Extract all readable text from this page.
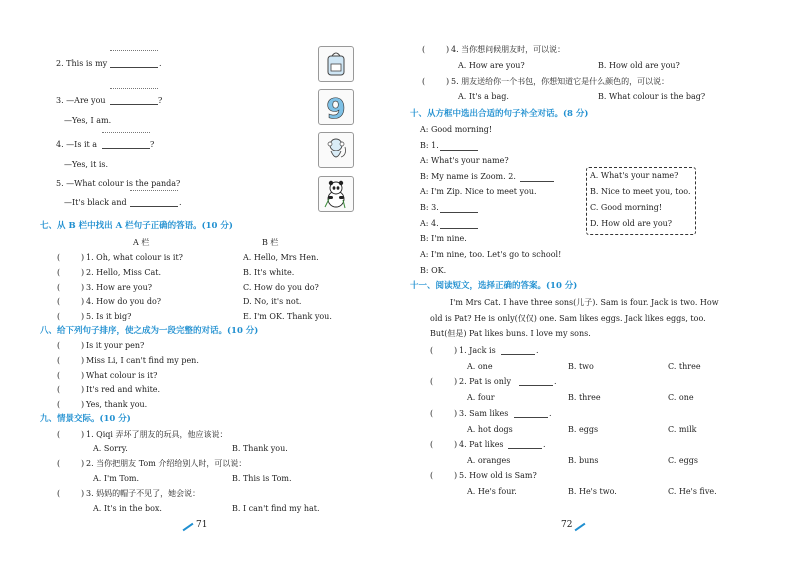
2. This is my	.
3. —Are you	?
—Yes, I am.
4. —Is it a	?
—Yes, it is.
5. —What colour is the panda?
—It's black and	.
9
七、从 B 栏中找出 A 栏句子正确的答语。(10 分)
A 栏	B 栏
(	) 1. Oh, what colour is it?	A. Hello, Mrs Hen.
(	) 2. Hello, Miss Cat.	B. It's white.
(	) 3. How are you?	C. How do you do?
(	) 4. How do you do?	D. No, it's not.
(	) 5. Is it big?	E. I'm OK. Thank you.
八、给下列句子排序，使之成为一段完整的对话。(10 分)
(	) Is it your pen?
(	) Miss Li, I can't find my pen.
(	) What colour is it?
(	) It's red and white.
(	) Yes, thank you.
九、情景交际。(10 分)
(	) 1. Qiqi 弄坏了朋友的玩具，他应该说：
A. Sorry.	B. Thank you.
(	) 2. 当你把朋友 Tom 介绍给别人时，可以说：
A. I'm Tom.	B. This is Tom.
(	) 3. 妈妈的帽子不见了，她会说：
A. It's in the box.	B. I can't find my hat.
71
(	) 4. 当你想问候朋友时，可以说：
A. How are you?	B. How old are you?
(	) 5. 朋友送给你一个书包，你想知道它是什么颜色的，可以说：
A. It's a bag.	B. What colour is the bag?
十、从方框中选出合适的句子补全对话。(8 分)
A: Good morning!
B: 1.
A: What's your name?
B: My name is Zoom. 2.
A: I'm Zip. Nice to meet you.
B: 3.
A: 4.
B: I'm nine.
A: I'm nine, too. Let's go to school!
B: OK.
十一、阅读短文，选择正确的答案。(10 分)
I'm Mrs Cat. I have three sons(儿子). Sam is four. Jack is two. How
old is Pat? He is only(仅仅) one. Sam likes eggs. Jack likes eggs, too.
But(但是) Pat likes buns. I love my sons.
(	) 1. Jack is	.
A. one	B. two	C. three
(	) 2. Pat is only	.
A. four	B. three	C. one
(	) 3. Sam likes	.
A. hot dogs	B. eggs	C. milk
(	) 4. Pat likes	.
A. oranges	B. buns	C. eggs
(	) 5. How old is Sam?
A. He's four.	B. He's two.	C. He's five.
72
A. What's your name?
B. Nice to meet you, too.
C. Good morning!
D. How old are you?
